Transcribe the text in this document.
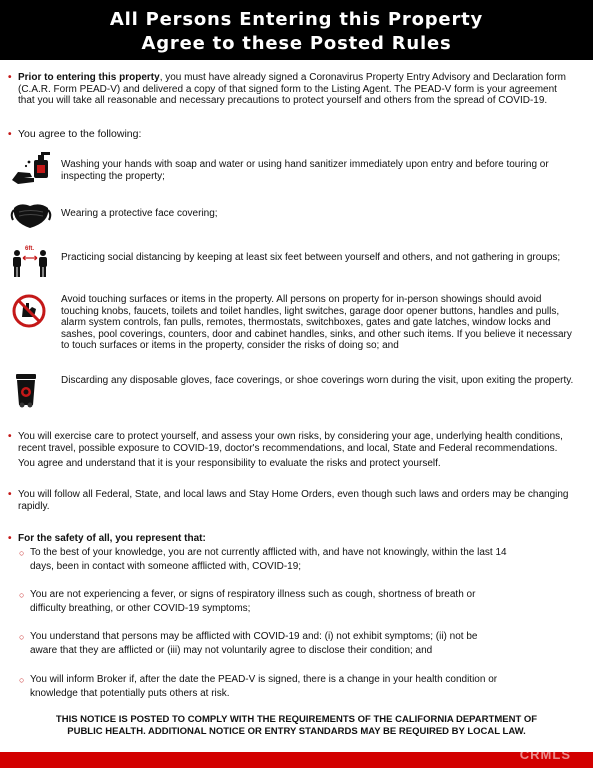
All Persons Entering this Property
Agree to these Posted Rules
• Prior to entering this property, you must have already signed a Coronavirus Property Entry Advisory and Declaration form (C.A.R. Form PEAD-V) and delivered a copy of that signed form to the Listing Agent. The PEAD-V form is your agreement that you will take all reasonable and necessary precautions to protect yourself and others from the spread of COVID-19.
• You agree to the following:
Washing your hands with soap and water or using hand sanitizer immediately upon entry and before touring or inspecting the property;
Wearing a protective face covering;
6ft.
Practicing social distancing by keeping at least six feet between yourself and others, and not gathering in groups;
Avoid touching surfaces or items in the property. All persons on property for in-person showings should avoid touching knobs, faucets, toilets and toilet handles, light switches, garage door opener buttons, handles and pulls, alarm system controls, fan pulls, remotes, thermostats, switchboxes, gates and gate latches, window locks and sashes, pool coverings, counters, door and cabinet handles, sinks, and other such items. If you believe it necessary to touch surfaces or items in the property, consider the risks of doing so; and
Discarding any disposable gloves, face coverings, or shoe coverings worn during the visit, upon exiting the property.
• You will exercise care to protect yourself, and assess your own risks, by considering your age, underlying health conditions, recent travel, possible exposure to COVID-19, doctor's recommendations, and local, State and Federal recommendations.
You agree and understand that it is your responsibility to evaluate the risks and protect yourself.
• You will follow all Federal, State, and local laws and Stay Home Orders, even though such laws and orders may be changing rapidly.
• For the safety of all, you represent that:
○ To the best of your knowledge, you are not currently afflicted with, and have not knowingly, within the last 14
days, been in contact with someone afflicted with, COVID-19;
○ You are not experiencing a fever, or signs of respiratory illness such as cough, shortness of breath or
difficulty breathing, or other COVID-19 symptoms;
○ You understand that persons may be afflicted with COVID-19 and: (i) not exhibit symptoms; (ii) not be
aware that they are afflicted or (iii) may not voluntarily agree to disclose their condition; and
○ You will inform Broker if, after the date the PEAD-V is signed, there is a change in your health condition or
knowledge that potentially puts others at risk.
THIS NOTICE IS POSTED TO COMPLY WITH THE REQUIREMENTS OF THE CALIFORNIA DEPARTMENT OF
PUBLIC HEALTH. ADDITIONAL NOTICE OR ENTRY STANDARDS MAY BE REQUIRED BY LOCAL LAW.
CRMLS
